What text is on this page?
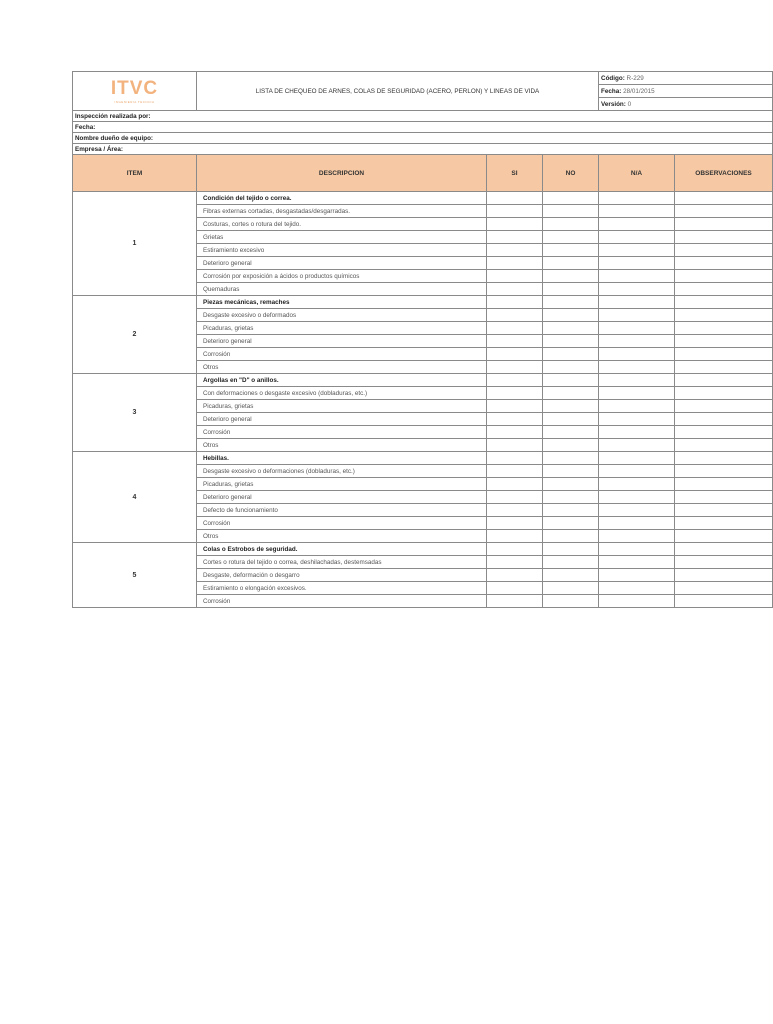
ITVC
INGENIERIA TECNICA	LISTA DE CHEQUEO DE ARNES, COLAS DE SEGURIDAD (ACERO, PERLON) Y LINEAS DE VIDA			Código: R-229	
				Fecha: 28/01/2015	
				Versión: 0	
Inspección realizada por:					
Fecha:					
Nombre dueño de equipo:					
Empresa / Área:					
ITEM	DESCRIPCION	SI	NO	N/A	OBSERVACIONES
1	Condición del tejido o correa.				
	Fibras externas cortadas, desgastadas/desgarradas.				
	Costuras, cortes o rotura del tejido.				
	Grietas				
	Estiramiento excesivo				
	Deterioro general				
	Corrosión por exposición a ácidos o productos químicos				
	Quemaduras				
2	Piezas mecánicas, remaches				
	Desgaste excesivo o deformados				
	Picaduras, grietas				
	Deterioro general				
	Corrosión				
	Otros				
3	Argollas en "D" o anillos.				
	Con deformaciones o desgaste excesivo (dobladuras, etc.)				
	Picaduras, grietas				
	Deterioro general				
	Corrosión				
	Otros				
4	Hebillas.				
	Desgaste excesivo o deformaciones (dobladuras, etc.)				
	Picaduras, grietas				
	Deterioro general				
	Defecto de funcionamiento				
	Corrosión				
	Otros				
5	Colas o Estrobos de seguridad.				
	Cortes o rotura del tejido o correa, deshilachadas, destemsadas				
	Desgaste, deformación o desgarro				
	Estiramiento o elongación excesivos.				
	Corrosión				
